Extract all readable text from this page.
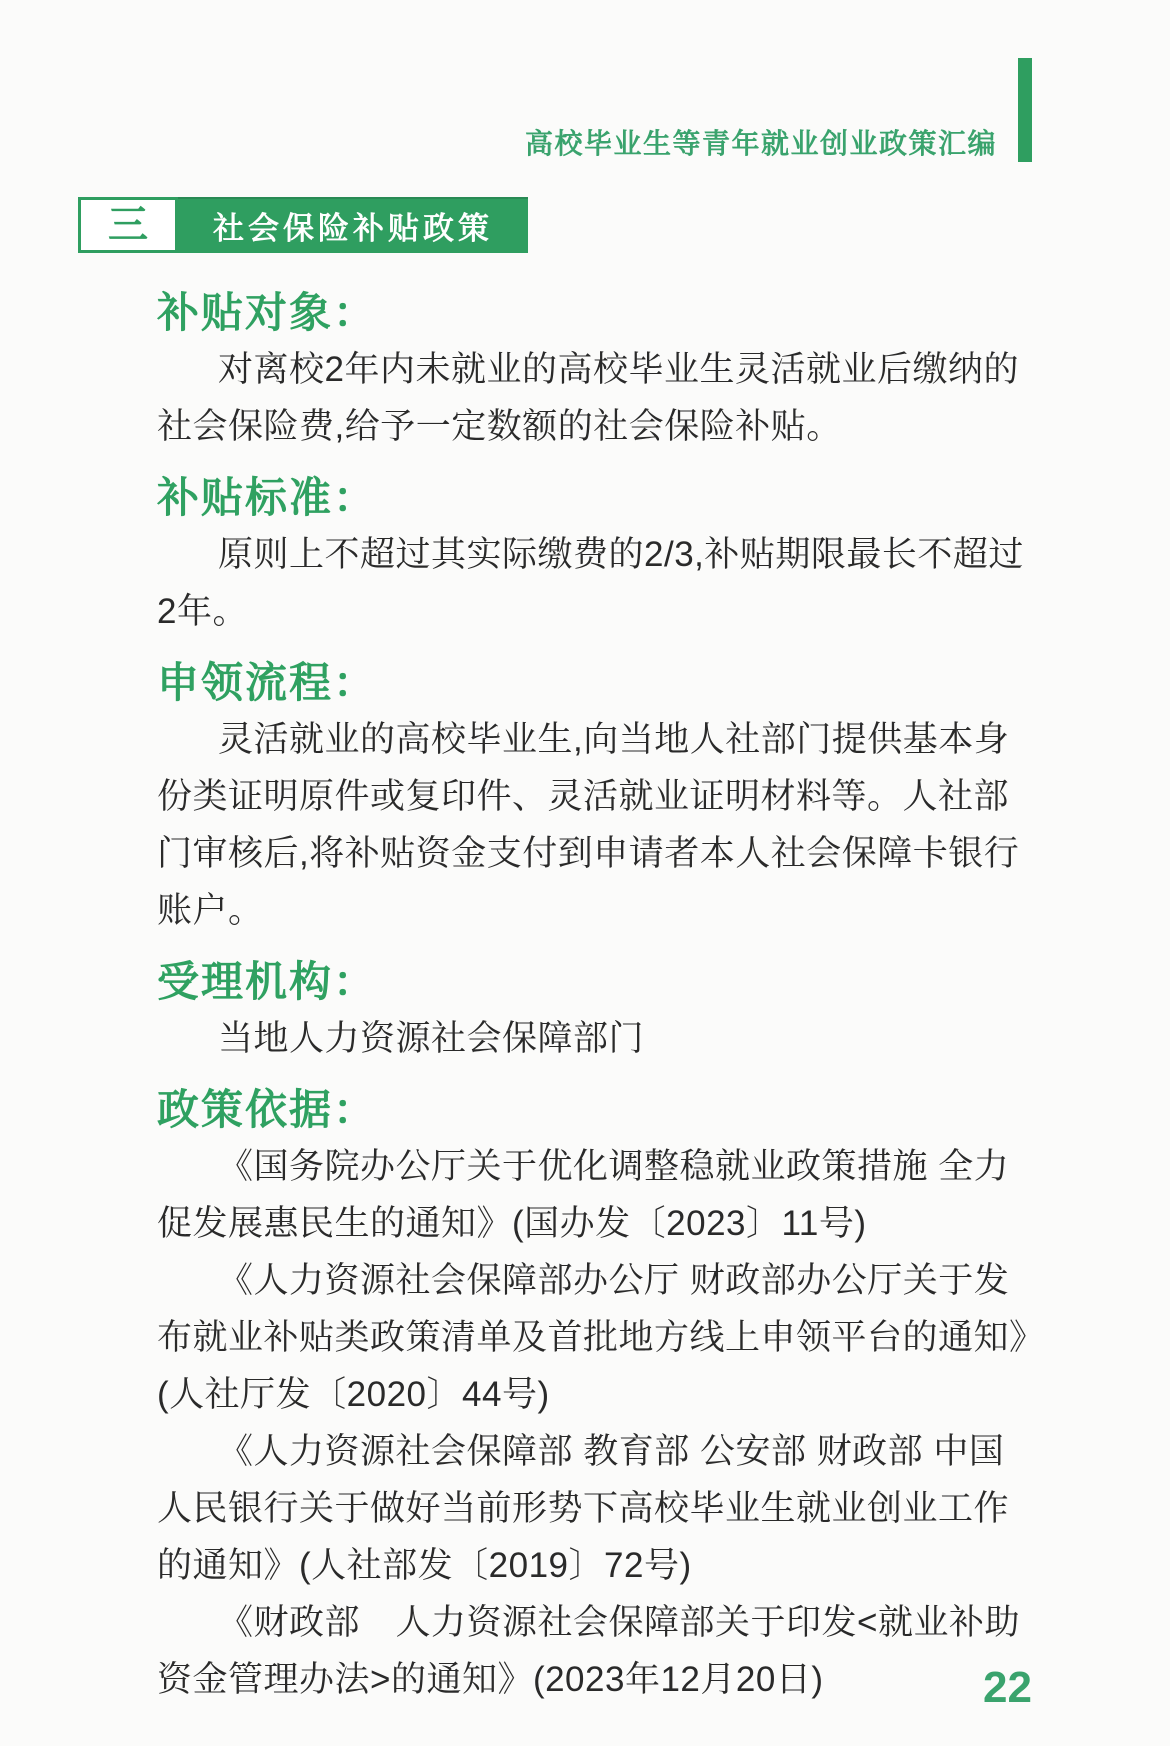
高校毕业生等青年就业创业政策汇编
三	社会保险补贴政策
补贴对象：

对离校2年内未就业的高校毕业生灵活就业后缴纳的社会保险费,给予一定数额的社会保险补贴。

补贴标准：

原则上不超过其实际缴费的2/3,补贴期限最长不超过2年。

申领流程：

灵活就业的高校毕业生,向当地人社部门提供基本身份类证明原件或复印件、灵活就业证明材料等。人社部门审核后,将补贴资金支付到申请者本人社会保障卡银行账户。

受理机构：

当地人力资源社会保障部门

政策依据：

《国务院办公厅关于优化调整稳就业政策措施 全力促发展惠民生的通知》(国办发〔2023〕11号)

《人力资源社会保障部办公厅 财政部办公厅关于发布就业补贴类政策清单及首批地方线上申领平台的通知》(人社厅发〔2020〕44号)

《人力资源社会保障部 教育部 公安部 财政部 中国人民银行关于做好当前形势下高校毕业生就业创业工作的通知》(人社部发〔2019〕72号)

《财政部　人力资源社会保障部关于印发<就业补助资金管理办法>的通知》(2023年12月20日)	22
